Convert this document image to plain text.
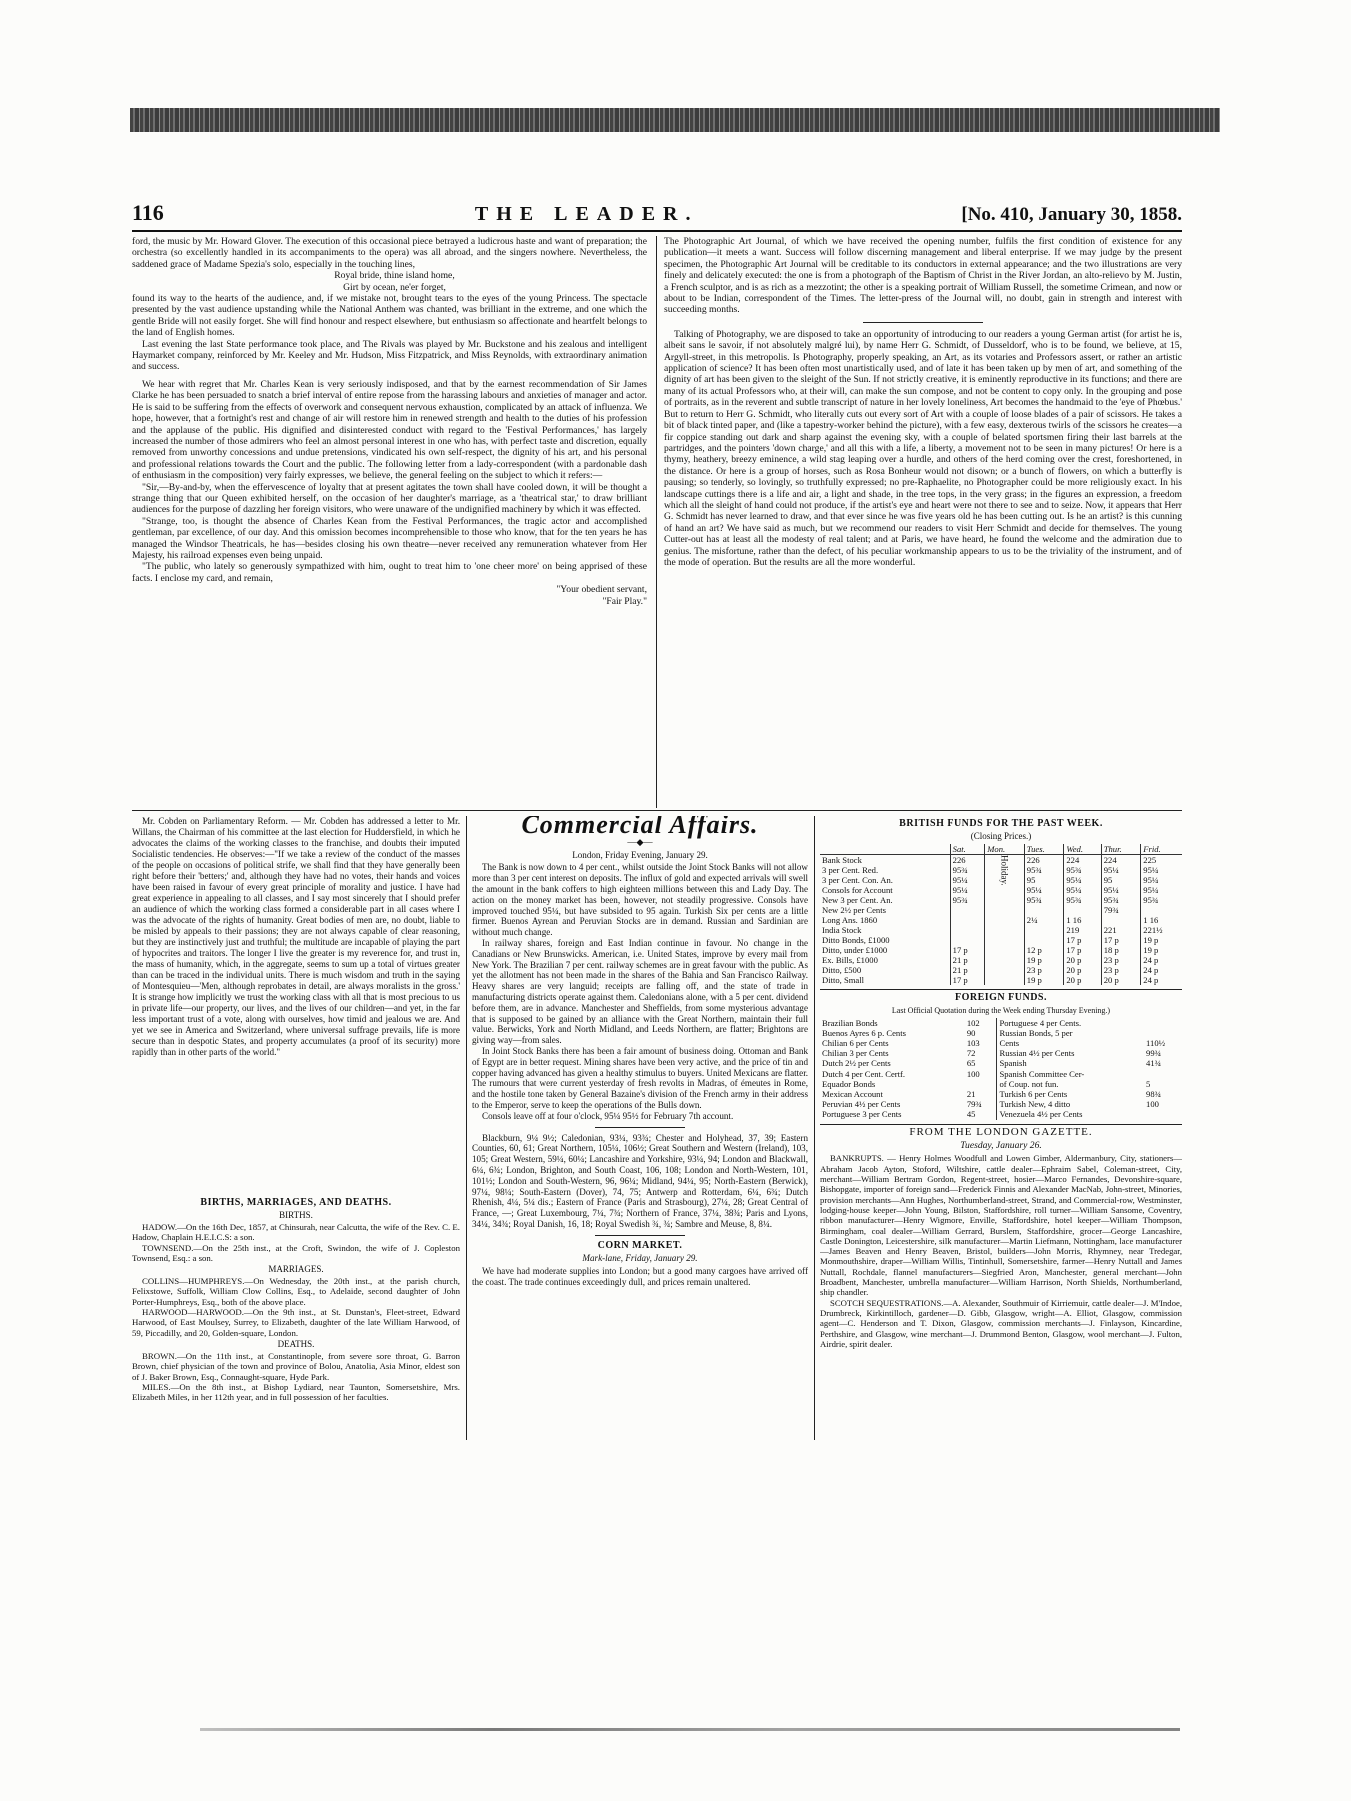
116	THE LEADER.	[No. 410, January 30, 1858.

ford, the music by Mr. Howard Glover. The execution of this occasional piece betrayed a ludicrous haste and want of preparation; the orchestra (so excellently handled in its accompaniments to the opera) was all abroad, and the singers nowhere. Nevertheless, the saddened grace of Madame Spezia's solo, especially in the touching lines,

Royal bride, thine island home,

Girt by ocean, ne'er forget,

found its way to the hearts of the audience, and, if we mistake not, brought tears to the eyes of the young Princess. The spectacle presented by the vast audience upstanding while the National Anthem was chanted, was brilliant in the extreme, and one which the gentle Bride will not easily forget. She will find honour and respect elsewhere, but enthusiasm so affectionate and heartfelt belongs to the land of English homes.

Last evening the last State performance took place, and The Rivals was played by Mr. Buckstone and his zealous and intelligent Haymarket company, reinforced by Mr. Keeley and Mr. Hudson, Miss Fitzpatrick, and Miss Reynolds, with extraordinary animation and success.

We hear with regret that Mr. Charles Kean is very seriously indisposed, and that by the earnest recommendation of Sir James Clarke he has been persuaded to snatch a brief interval of entire repose from the harassing labours and anxieties of manager and actor. He is said to be suffering from the effects of overwork and consequent nervous exhaustion, complicated by an attack of influenza. We hope, however, that a fortnight's rest and change of air will restore him in renewed strength and health to the duties of his profession and the applause of the public. His dignified and disinterested conduct with regard to the 'Festival Performances,' has largely increased the number of those admirers who feel an almost personal interest in one who has, with perfect taste and discretion, equally removed from unworthy concessions and undue pretensions, vindicated his own self-respect, the dignity of his art, and his personal and professional relations towards the Court and the public. The following letter from a lady-correspondent (with a pardonable dash of enthusiasm in the composition) very fairly expresses, we believe, the general feeling on the subject to which it refers:—

"Sir,—By-and-by, when the effervescence of loyalty that at present agitates the town shall have cooled down, it will be thought a strange thing that our Queen exhibited herself, on the occasion of her daughter's marriage, as a 'theatrical star,' to draw brilliant audiences for the purpose of dazzling her foreign visitors, who were unaware of the undignified machinery by which it was effected.

"Strange, too, is thought the absence of Charles Kean from the Festival Performances, the tragic actor and accomplished gentleman, par excellence, of our day. And this omission becomes incomprehensible to those who know, that for the ten years he has managed the Windsor Theatricals, he has—besides closing his own theatre—never received any remuneration whatever from Her Majesty, his railroad expenses even being unpaid.

"The public, who lately so generously sympathized with him, ought to treat him to 'one cheer more' on being apprised of these facts. I enclose my card, and remain,

"Your obedient servant,

"Fair Play."

The Photographic Art Journal, of which we have received the opening number, fulfils the first condition of existence for any publication—it meets a want. Success will follow discerning management and liberal enterprise. If we may judge by the present specimen, the Photographic Art Journal will be creditable to its conductors in external appearance; and the two illustrations are very finely and delicately executed: the one is from a photograph of the Baptism of Christ in the River Jordan, an alto-relievo by M. Justin, a French sculptor, and is as rich as a mezzotint; the other is a speaking portrait of William Russell, the sometime Crimean, and now or about to be Indian, correspondent of the Times. The letter-press of the Journal will, no doubt, gain in strength and interest with succeeding months.

Talking of Photography, we are disposed to take an opportunity of introducing to our readers a young German artist (for artist he is, albeit sans le savoir, if not absolutely malgré lui), by name Herr G. Schmidt, of Dusseldorf, who is to be found, we believe, at 15, Argyll-street, in this metropolis. Is Photography, properly speaking, an Art, as its votaries and Professors assert, or rather an artistic application of science? It has been often most unartistically used, and of late it has been taken up by men of art, and something of the dignity of art has been given to the sleight of the Sun. If not strictly creative, it is eminently reproductive in its functions; and there are many of its actual Professors who, at their will, can make the sun compose, and not be content to copy only. In the grouping and pose of portraits, as in the reverent and subtle transcript of nature in her lovely loneliness, Art becomes the handmaid to the 'eye of Phœbus.' But to return to Herr G. Schmidt, who literally cuts out every sort of Art with a couple of loose blades of a pair of scissors. He takes a bit of black tinted paper, and (like a tapestry-worker behind the picture), with a few easy, dexterous twirls of the scissors he creates—a fir coppice standing out dark and sharp against the evening sky, with a couple of belated sportsmen firing their last barrels at the partridges, and the pointers 'down charge,' and all this with a life, a liberty, a movement not to be seen in many pictures! Or here is a thymy, heathery, breezy eminence, a wild stag leaping over a hurdle, and others of the herd coming over the crest, foreshortened, in the distance. Or here is a group of horses, such as Rosa Bonheur would not disown; or a bunch of flowers, on which a butterfly is pausing; so tenderly, so lovingly, so truthfully expressed; no pre-Raphaelite, no Photographer could be more religiously exact. In his landscape cuttings there is a life and air, a light and shade, in the tree tops, in the very grass; in the figures an expression, a freedom which all the sleight of hand could not produce, if the artist's eye and heart were not there to see and to seize. Now, it appears that Herr G. Schmidt has never learned to draw, and that ever since he was five years old he has been cutting out. Is he an artist? is this cunning of hand an art? We have said as much, but we recommend our readers to visit Herr Schmidt and decide for themselves. The young Cutter-out has at least all the modesty of real talent; and at Paris, we have heard, he found the welcome and the admiration due to genius. The misfortune, rather than the defect, of his peculiar workmanship appears to us to be the triviality of the instrument, and of the mode of operation. But the results are all the more wonderful.

Mr. Cobden on Parliamentary Reform. — Mr. Cobden has addressed a letter to Mr. Willans, the Chairman of his committee at the last election for Huddersfield, in which he advocates the claims of the working classes to the franchise, and doubts their imputed Socialistic tendencies. He observes:—"If we take a review of the conduct of the masses of the people on occasions of political strife, we shall find that they have generally been right before their 'betters;' and, although they have had no votes, their hands and voices have been raised in favour of every great principle of morality and justice. I have had great experience in appealing to all classes, and I say most sincerely that I should prefer an audience of which the working class formed a considerable part in all cases where I was the advocate of the rights of humanity. Great bodies of men are, no doubt, liable to be misled by appeals to their passions; they are not always capable of clear reasoning, but they are instinctively just and truthful; the multitude are incapable of playing the part of hypocrites and traitors. The longer I live the greater is my reverence for, and trust in, the mass of humanity, which, in the aggregate, seems to sum up a total of virtues greater than can be traced in the individual units. There is much wisdom and truth in the saying of Montesquieu—'Men, although reprobates in detail, are always moralists in the gross.' It is strange how implicitly we trust the working class with all that is most precious to us in private life—our property, our lives, and the lives of our children—and yet, in the far less important trust of a vote, along with ourselves, how timid and jealous we are. And yet we see in America and Switzerland, where universal suffrage prevails, life is more secure than in despotic States, and property accumulates (a proof of its security) more rapidly than in other parts of the world."

BIRTHS, MARRIAGES, AND DEATHS.
BIRTHS.

HADOW.—On the 16th Dec, 1857, at Chinsurah, near Calcutta, the wife of the Rev. C. E. Hadow, Chaplain H.E.I.C.S: a son.

TOWNSEND.—On the 25th inst., at the Croft, Swindon, the wife of J. Copleston Townsend, Esq.: a son.

MARRIAGES.

COLLINS—HUMPHREYS.—On Wednesday, the 20th inst., at the parish church, Felixstowe, Suffolk, William Clow Collins, Esq., to Adelaide, second daughter of John Porter-Humphreys, Esq., both of the above place.

HARWOOD—HARWOOD.—On the 9th inst., at St. Dunstan's, Fleet-street, Edward Harwood, of East Moulsey, Surrey, to Elizabeth, daughter of the late William Harwood, of 59, Piccadilly, and 20, Golden-square, London.

DEATHS.

BROWN.—On the 11th inst., at Constantinople, from severe sore throat, G. Barron Brown, chief physician of the town and province of Bolou, Anatolia, Asia Minor, eldest son of J. Baker Brown, Esq., Connaught-square, Hyde Park.

MILES.—On the 8th inst., at Bishop Lydiard, near Taunton, Somersetshire, Mrs. Elizabeth Miles, in her 112th year, and in full possession of her faculties.

Commercial Affairs.
—◆—
London, Friday Evening, January 29.

The Bank is now down to 4 per cent., whilst outside the Joint Stock Banks will not allow more than 3 per cent interest on deposits. The influx of gold and expected arrivals will swell the amount in the bank coffers to high eighteen millions between this and Lady Day. The action on the money market has been, however, not steadily progressive. Consols have improved touched 95¼, but have subsided to 95 again. Turkish Six per cents are a little firmer. Buenos Ayrean and Peruvian Stocks are in demand. Russian and Sardinian are without much change.

In railway shares, foreign and East Indian continue in favour. No change in the Canadians or New Brunswicks. American, i.e. United States, improve by every mail from New York. The Brazilian 7 per cent. railway schemes are in great favour with the public. As yet the allotment has not been made in the shares of the Bahia and San Francisco Railway. Heavy shares are very languid; receipts are falling off, and the state of trade in manufacturing districts operate against them. Caledonians alone, with a 5 per cent. dividend before them, are in advance. Manchester and Sheffields, from some mysterious advantage that is supposed to be gained by an alliance with the Great Northern, maintain their full value. Berwicks, York and North Midland, and Leeds Northern, are flatter; Brightons are giving way—from sales.

In Joint Stock Banks there has been a fair amount of business doing. Ottoman and Bank of Egypt are in better request. Mining shares have been very active, and the price of tin and copper having advanced has given a healthy stimulus to buyers. United Mexicans are flatter. The rumours that were current yesterday of fresh revolts in Madras, of émeutes in Rome, and the hostile tone taken by General Bazaine's division of the French army in their address to the Emperor, serve to keep the operations of the Bulls down.

Consols leave off at four o'clock, 95¼ 95½ for February 7th account.

Blackburn, 9¼ 9½; Caledonian, 93¼, 93¾; Chester and Holyhead, 37, 39; Eastern Counties, 60, 61; Great Northern, 105¼, 106½; Great Southern and Western (Ireland), 103, 105; Great Western, 59¼, 60¼; Lancashire and Yorkshire, 93¼, 94; London and Blackwall, 6¼, 6¾; London, Brighton, and South Coast, 106, 108; London and North-Western, 101, 101½; London and South-Western, 96, 96¼; Midland, 94¼, 95; North-Eastern (Berwick), 97¼, 98¼; South-Eastern (Dover), 74, 75; Antwerp and Rotterdam, 6¼, 6¾; Dutch Rhenish, 4¼, 5¼ dis.; Eastern of France (Paris and Strasbourg), 27¼, 28; Great Central of France, —; Great Luxembourg, 7¼, 7¾; Northern of France, 37¼, 38¾; Paris and Lyons, 34¼, 34¾; Royal Danish, 16, 18; Royal Swedish ¾, ¾; Sambre and Meuse, 8, 8¼.

CORN MARKET.
Mark-lane, Friday, January 29.

We have had moderate supplies into London; but a good many cargoes have arrived off the coast. The trade continues exceedingly dull, and prices remain unaltered.

BRITISH FUNDS FOR THE PAST WEEK.
(Closing Prices.)
	Sat.	Mon.	Tues.	Wed.	Thur.	Frid.
Bank Stock	226	Holiday.	226	224	224	225
3 per Cent. Red.	95¾		95¾	95¾	95¼	95¼
3 per Cent. Con. An.	95¼		95	95¼	95	95¼
Consols for Account	95¼		95¼	95¼	95¼	95¼
New 3 per Cent. An.	95¾		95¾	95¾	95¾	95¾
New 2½ per Cents					79¾	
Long Ans. 1860			2¼	1 16		1 16
India Stock				219	221	221½
Ditto Bonds, £1000				17 p	17 p	19 p
Ditto, under £1000	17 p		12 p	17 p	18 p	19 p
Ex. Bills, £1000	21 p		19 p	20 p	23 p	24 p
Ditto, £500	21 p		23 p	20 p	23 p	24 p
Ditto, Small	17 p		19 p	20 p	20 p	24 p
FOREIGN FUNDS.
Last Official Quotation during the Week ending Thursday Evening.)
Brazilian Bonds	102	Portuguese 4 per Cents.	
Buenos Ayres 6 p. Cents	90	Russian Bonds, 5 per	
Chilian 6 per Cents	103	Cents	110½
Chilian 3 per Cents	72	Russian 4½ per Cents	99¾
Dutch 2½ per Cents	65	Spanish	41¾
Dutch 4 per Cent. Certf.	100	Spanish Committee Cer-	
Equador Bonds		of Coup. not fun.	5
Mexican Account	21	Turkish 6 per Cents	98¾
Peruvian 4½ per Cents	79¾	Turkish New, 4 ditto	100
Portuguese 3 per Cents	45	Venezuela 4½ per Cents	
FROM THE LONDON GAZETTE.
Tuesday, January 26.

BANKRUPTS. — Henry Holmes Woodfull and Lowen Gimber, Aldermanbury, City, stationers—Abraham Jacob Ayton, Stoford, Wiltshire, cattle dealer—Ephraim Sabel, Coleman-street, City, merchant—William Bertram Gordon, Regent-street, hosier—Marco Fernandes, Devonshire-square, Bishopgate, importer of foreign sand—Frederick Finnis and Alexander MacNab, John-street, Minories, provision merchants—Ann Hughes, Northumberland-street, Strand, and Commercial-row, Westminster, lodging-house keeper—John Young, Bilston, Staffordshire, roll turner—William Sansome, Coventry, ribbon manufacturer—Henry Wigmore, Enville, Staffordshire, hotel keeper—William Thompson, Birmingham, coal dealer—William Gerrard, Burslem, Staffordshire, grocer—George Lancashire, Castle Donington, Leicestershire, silk manufacturer—Martin Liefmann, Nottingham, lace manufacturer—James Beaven and Henry Beaven, Bristol, builders—John Morris, Rhymney, near Tredegar, Monmouthshire, draper—William Willis, Tintinhull, Somersetshire, farmer—Henry Nuttall and James Nuttall, Rochdale, flannel manufacturers—Siegfried Aron, Manchester, general merchant—John Broadbent, Manchester, umbrella manufacturer—William Harrison, North Shields, Northumberland, ship chandler.

SCOTCH SEQUESTRATIONS.—A. Alexander, Southmuir of Kirriemuir, cattle dealer—J. M'Indoe, Drumbreck, Kirkintilloch, gardener—D. Gibb, Glasgow, wright—A. Elliot, Glasgow, commission agent—C. Henderson and T. Dixon, Glasgow, commission merchants—J. Finlayson, Kincardine, Perthshire, and Glasgow, wine merchant—J. Drummond Benton, Glasgow, wool merchant—J. Fulton, Airdrie, spirit dealer.
